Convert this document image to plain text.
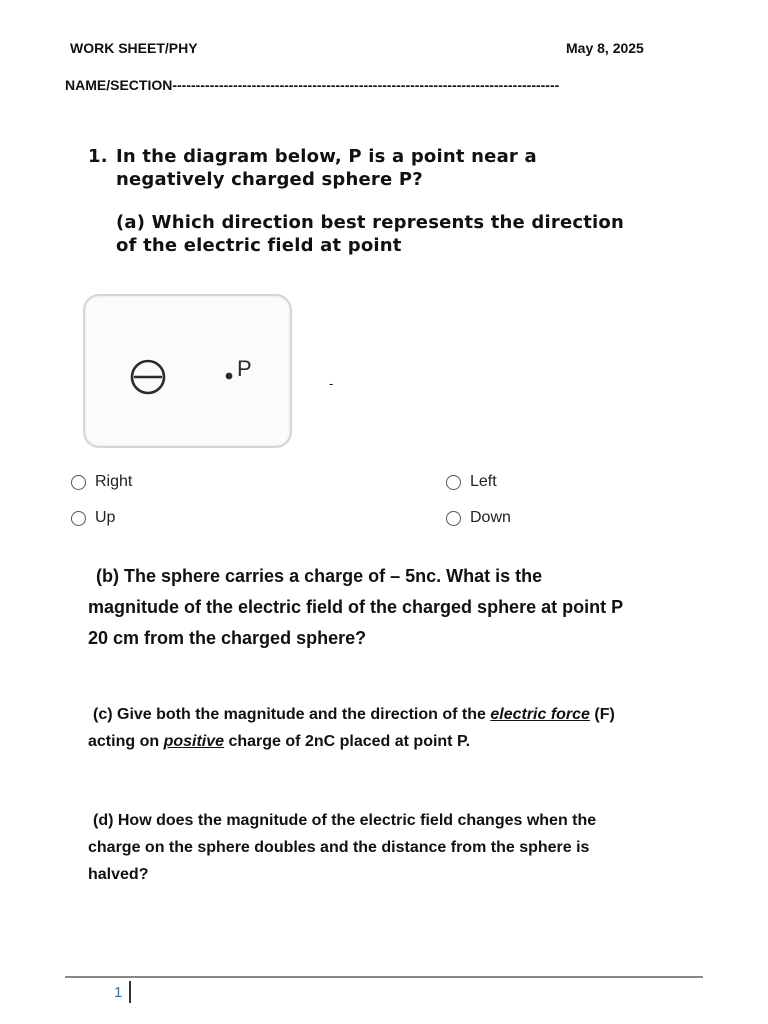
WORK SHEET/PHY	May 8, 2025
NAME/SECTION-----------------------------------------------------------------------------------
1. In the diagram below, P is a point near a
negatively charged sphere P?
(a) Which direction best represents the direction
of the electric field at point
P
-
Right	Left
Up	Down
(b) The sphere carries a charge of – 5nc. What is the
magnitude of the electric field of the charged sphere at point P
20 cm from the charged sphere?
(c) Give both the magnitude and the direction of the electric force (F)
acting on positive charge of 2nC placed at point P.
(d) How does the magnitude of the electric field changes when the
charge on the sphere doubles and the distance from the sphere is
halved?
1
